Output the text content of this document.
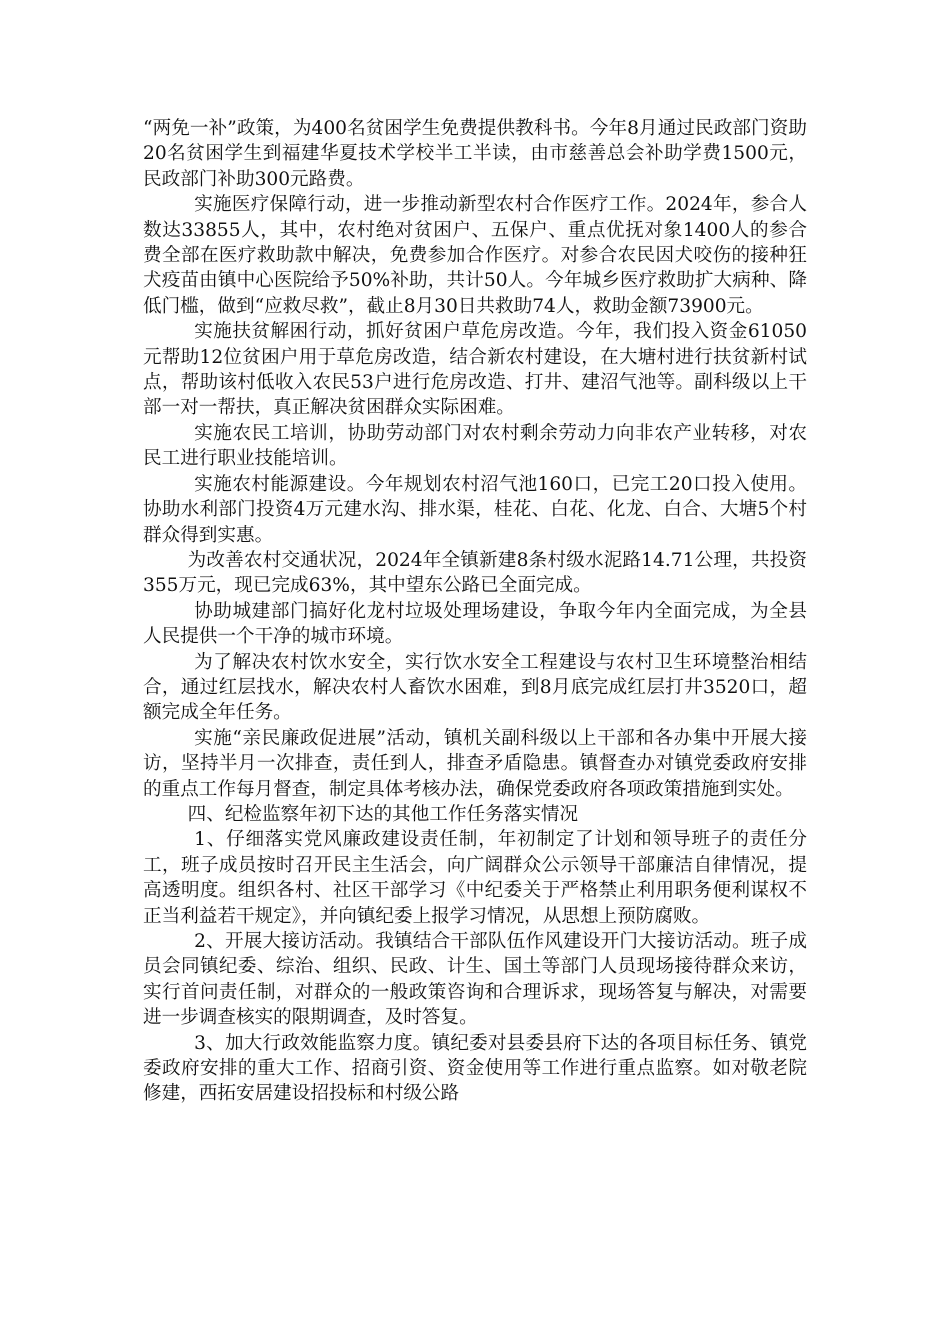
“两免一补”政策，为400名贫困学生免费提供教科书。今年8月通过民政部门资助20名贫困学生到福建华夏技术学校半工半读，由市慈善总会补助学费1500元，民政部门补助300元路费。

实施医疗保障行动，进一步推动新型农村合作医疗工作。2024年，参合人数达33855人，其中，农村绝对贫困户、五保户、重点优抚对象1400人的参合费全部在医疗救助款中解决，免费参加合作医疗。对参合农民因犬咬伤的接种狂犬疫苗由镇中心医院给予50%补助，共计50人。今年城乡医疗救助扩大病种、降低门槛，做到“应救尽救”，截止8月30日共救助74人，救助金额73900元。

实施扶贫解困行动，抓好贫困户草危房改造。今年，我们投入资金61050元帮助12位贫困户用于草危房改造，结合新农村建设，在大塘村进行扶贫新村试点，帮助该村低收入农民53户进行危房改造、打井、建沼气池等。副科级以上干部一对一帮扶，真正解决贫困群众实际困难。

实施农民工培训，协助劳动部门对农村剩余劳动力向非农产业转移，对农民工进行职业技能培训。

实施农村能源建设。今年规划农村沼气池160口，已完工20口投入使用。协助水利部门投资4万元建水沟、排水渠，桂花、白花、化龙、白合、大塘5个村群众得到实惠。

为改善农村交通状况，2024年全镇新建8条村级水泥路14.71公理，共投资355万元，现已完成63%，其中望东公路已全面完成。

协助城建部门搞好化龙村垃圾处理场建设，争取今年内全面完成，为全县人民提供一个干净的城市环境。

为了解决农村饮水安全，实行饮水安全工程建设与农村卫生环境整治相结合，通过红层找水，解决农村人畜饮水困难，到8月底完成红层打井3520口，超额完成全年任务。

实施“亲民廉政促进展”活动，镇机关副科级以上干部和各办集中开展大接访，坚持半月一次排查，责任到人，排查矛盾隐患。镇督查办对镇党委政府安排的重点工作每月督查，制定具体考核办法，确保党委政府各项政策措施到实处。

四、纪检监察年初下达的其他工作任务落实情况

1、仔细落实党风廉政建设责任制，年初制定了计划和领导班子的责任分工，班子成员按时召开民主生活会，向广阔群众公示领导干部廉洁自律情况，提高透明度。组织各村、社区干部学习《中纪委关于严格禁止利用职务便利谋权不正当利益若干规定》，并向镇纪委上报学习情况，从思想上预防腐败。

2、开展大接访活动。我镇结合干部队伍作风建设开门大接访活动。班子成员会同镇纪委、综治、组织、民政、计生、国土等部门人员现场接待群众来访，实行首问责任制，对群众的一般政策咨询和合理诉求，现场答复与解决，对需要进一步调查核实的限期调查，及时答复。

3、加大行政效能监察力度。镇纪委对县委县府下达的各项目标任务、镇党委政府安排的重大工作、招商引资、资金使用等工作进行重点监察。如对敬老院修建，西拓安居建设招投标和村级公路
